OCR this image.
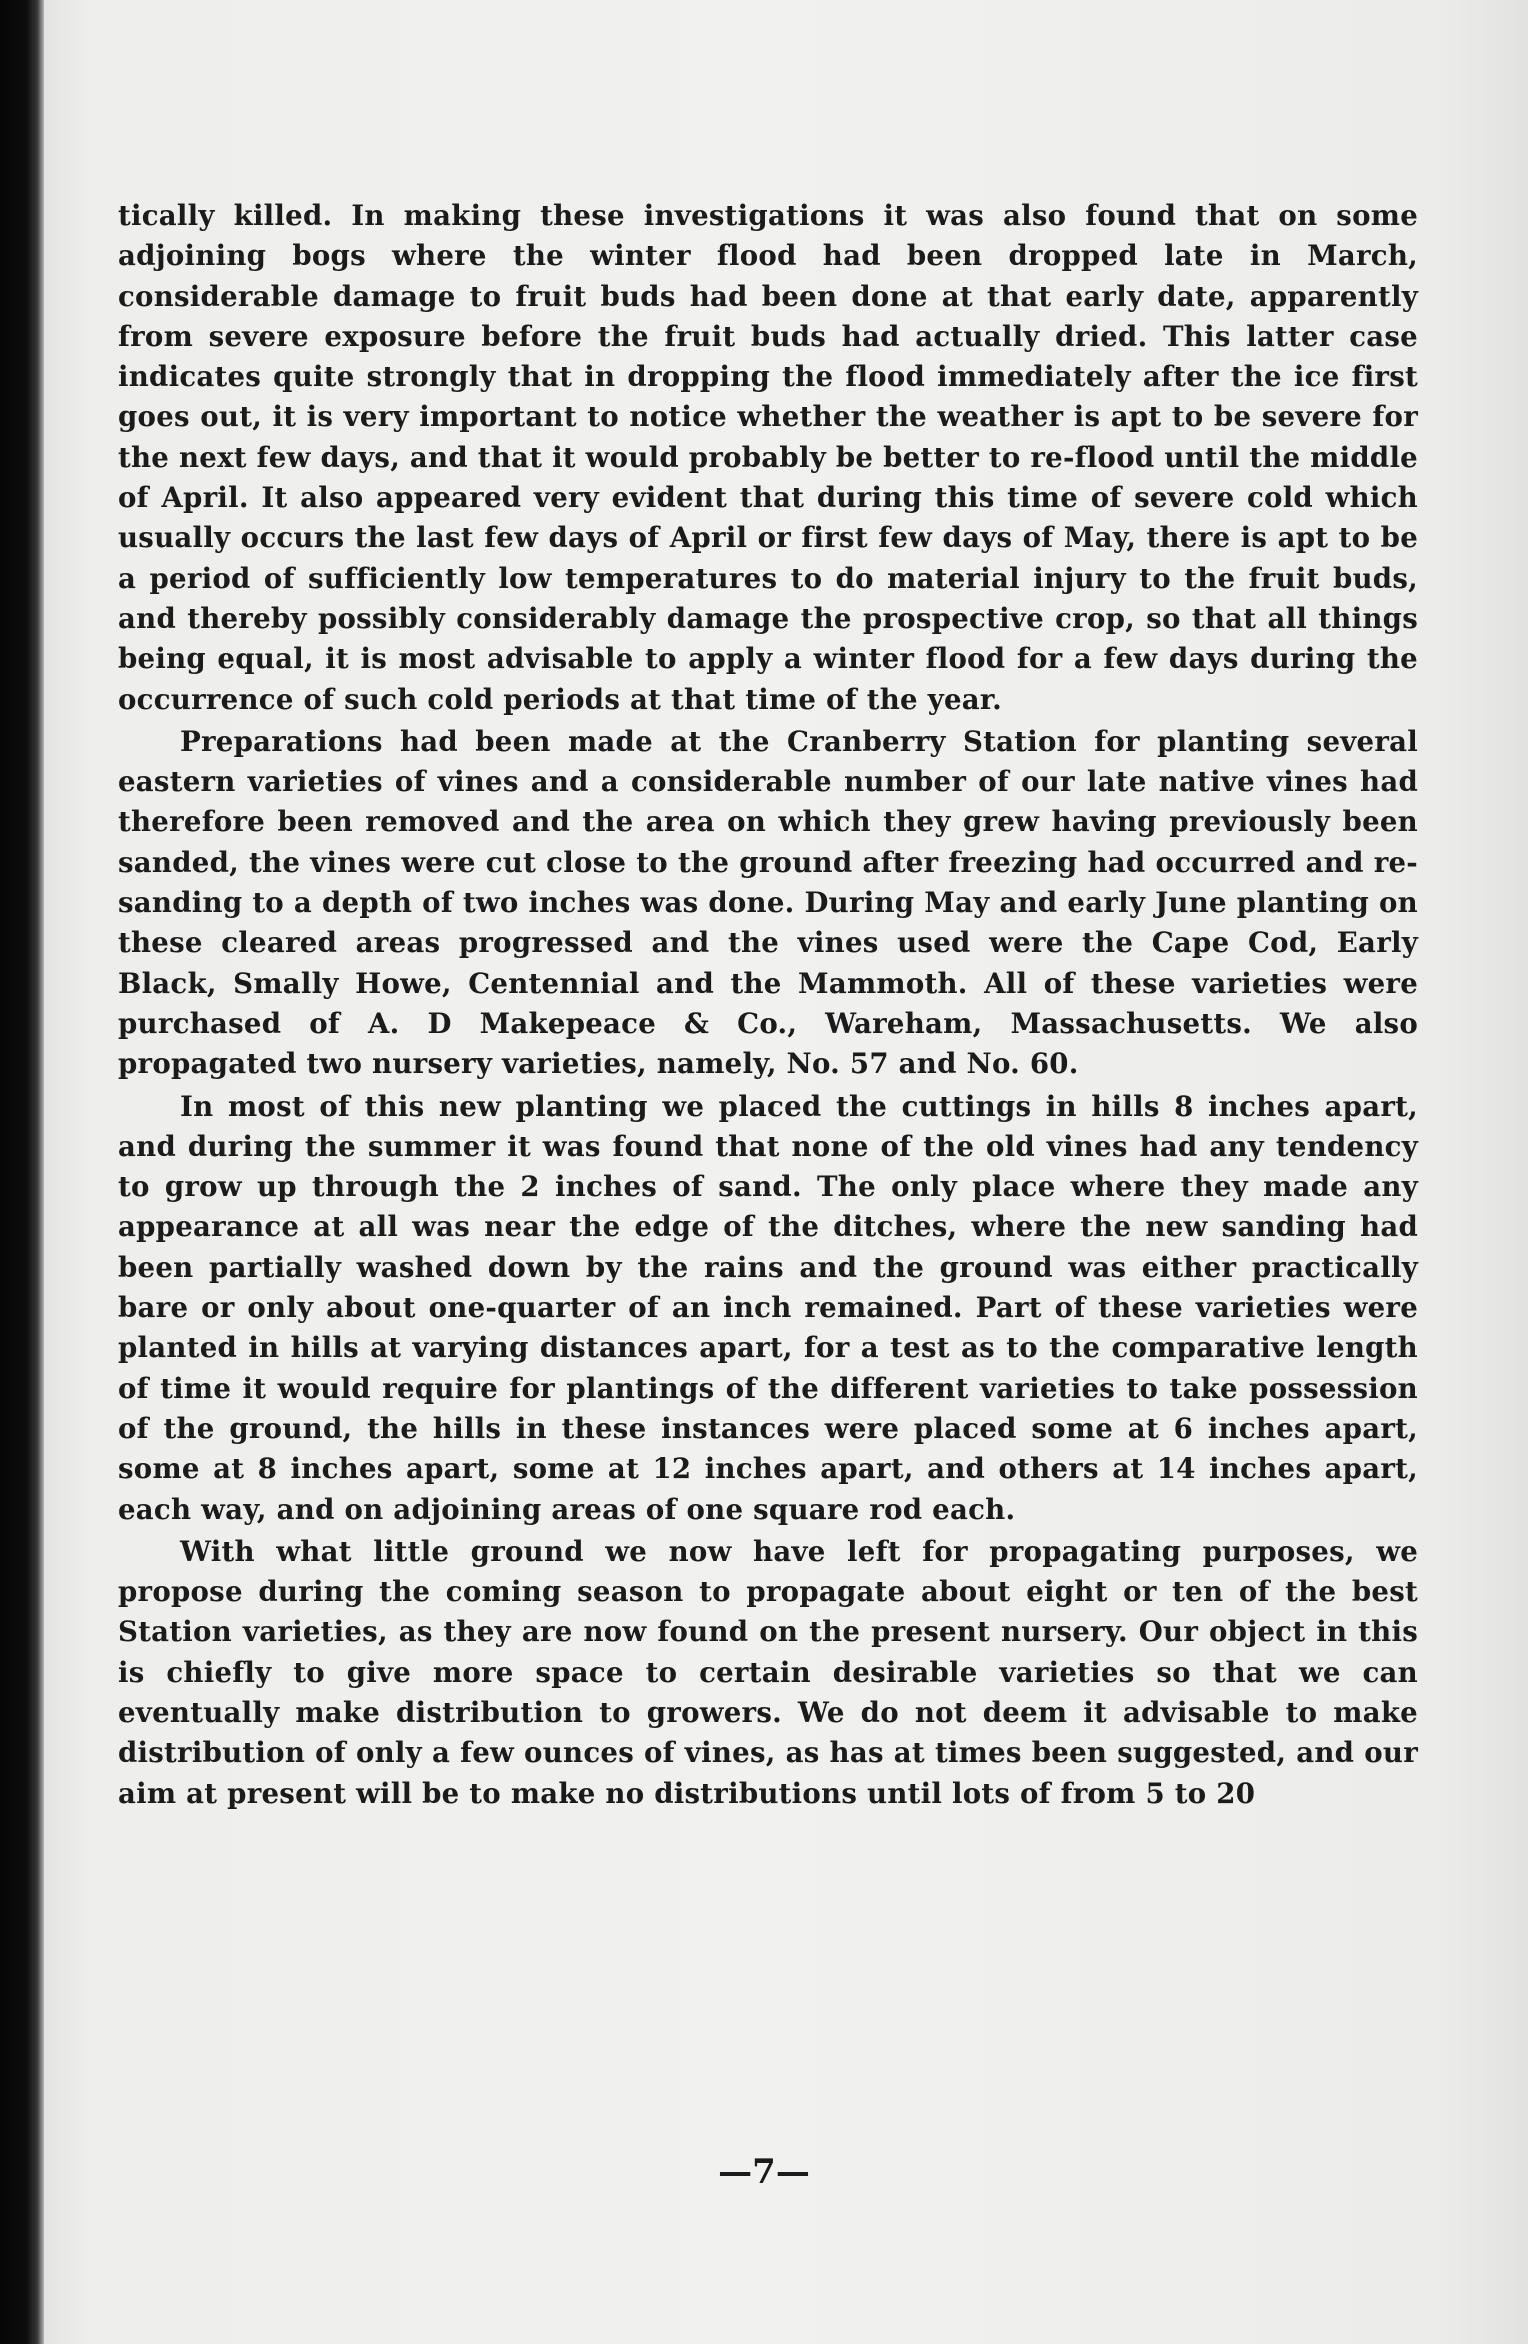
tically killed. In making these investigations it was also found that on some adjoining bogs where the winter flood had been dropped late in March, considerable damage to fruit buds had been done at that early date, apparently from severe exposure before the fruit buds had actually dried. This latter case indicates quite strongly that in dropping the flood immediately after the ice first goes out, it is very important to notice whether the weather is apt to be severe for the next few days, and that it would probably be better to re-flood until the middle of April. It also appeared very evident that during this time of severe cold which usually occurs the last few days of April or first few days of May, there is apt to be a period of sufficiently low temperatures to do material injury to the fruit buds, and thereby possibly considerably damage the prospective crop, so that all things being equal, it is most advisable to apply a winter flood for a few days during the occurrence of such cold periods at that time of the year.

Preparations had been made at the Cranberry Station for planting several eastern varieties of vines and a considerable number of our late native vines had therefore been removed and the area on which they grew having previously been sanded, the vines were cut close to the ground after freezing had occurred and re-sanding to a depth of two inches was done. During May and early June planting on these cleared areas progressed and the vines used were the Cape Cod, Early Black, Smally Howe, Centennial and the Mammoth. All of these varieties were purchased of A. D Makepeace & Co., Wareham, Massachusetts. We also propagated two nursery varieties, namely, No. 57 and No. 60.

In most of this new planting we placed the cuttings in hills 8 inches apart, and during the summer it was found that none of the old vines had any tendency to grow up through the 2 inches of sand. The only place where they made any appearance at all was near the edge of the ditches, where the new sanding had been partially washed down by the rains and the ground was either practically bare or only about one-quarter of an inch remained. Part of these varieties were planted in hills at varying distances apart, for a test as to the comparative length of time it would require for plantings of the different varieties to take possession of the ground, the hills in these instances were placed some at 6 inches apart, some at 8 inches apart, some at 12 inches apart, and others at 14 inches apart, each way, and on adjoining areas of one square rod each.

With what little ground we now have left for propagating purposes, we propose during the coming season to propagate about eight or ten of the best Station varieties, as they are now found on the present nursery. Our object in this is chiefly to give more space to certain desirable varieties so that we can eventually make distribution to growers. We do not deem it advisable to make distribution of only a few ounces of vines, as has at times been suggested, and our aim at present will be to make no distributions until lots of from 5 to 20

—7—
